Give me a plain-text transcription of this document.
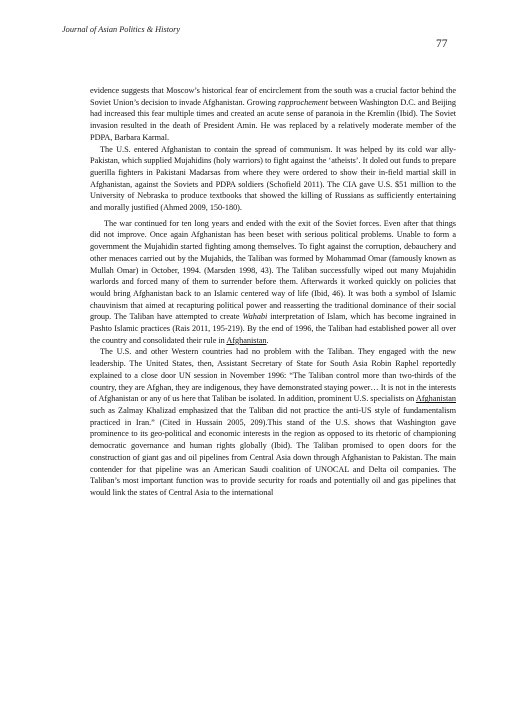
Journal of Asian Politics & History
77

evidence suggests that Moscow’s historical fear of encirclement from the south was a crucial factor behind the Soviet Union’s decision to invade Afghanistan. Growing rapprochement between Washington D.C. and Beijing had increased this fear multiple times and created an acute sense of paranoia in the Kremlin (Ibid). The Soviet invasion resulted in the death of President Amin. He was replaced by a relatively moderate member of the PDPA, Barbara Karmal.

The U.S. entered Afghanistan to contain the spread of communism. It was helped by its cold war ally-Pakistan, which supplied Mujahidins (holy warriors) to fight against the ‘atheists’. It doled out funds to prepare guerilla fighters in Pakistani Madarsas from where they were ordered to show their in-field martial skill in Afghanistan, against the Soviets and PDPA soldiers (Schofield 2011). The CIA gave U.S. $51 million to the University of Nebraska to produce textbooks that showed the killing of Russians as sufficiently entertaining and morally justified (Ahmed 2009, 150-180).

The war continued for ten long years and ended with the exit of the Soviet forces. Even after that things did not improve. Once again Afghanistan has been beset with serious political problems. Unable to form a government the Mujahidin started fighting among themselves. To fight against the corruption, debauchery and other menaces carried out by the Mujahids, the Taliban was formed by Mohammad Omar (famously known as Mullah Omar) in October, 1994. (Marsden 1998, 43). The Taliban successfully wiped out many Mujahidin warlords and forced many of them to surrender before them. Afterwards it worked quickly on policies that would bring Afghanistan back to an Islamic centered way of life (Ibid, 46). It was both a symbol of Islamic chauvinism that aimed at recapturing political power and reasserting the traditional dominance of their social group. The Taliban have attempted to create Wahabi interpretation of Islam, which has become ingrained in Pashto Islamic practices (Rais 2011, 195-219). By the end of 1996, the Taliban had established power all over the country and consolidated their rule in Afghanistan.

The U.S. and other Western countries had no problem with the Taliban. They engaged with the new leadership. The United States, then, Assistant Secretary of State for South Asia Robin Raphel reportedly explained to a close door UN session in November 1996: “The Taliban control more than two-thirds of the country, they are Afghan, they are indigenous, they have demonstrated staying power… It is not in the interests of Afghanistan or any of us here that Taliban be isolated. In addition, prominent U.S. specialists on Afghanistan such as Zalmay Khalizad emphasized that the Taliban did not practice the anti-US style of fundamentalism practiced in Iran.” (Cited in Hussain 2005, 209).This stand of the U.S. shows that Washington gave prominence to its geo-political and economic interests in the region as opposed to its rhetoric of championing democratic governance and human rights globally (Ibid). The Taliban promised to open doors for the construction of giant gas and oil pipelines from Central Asia down through Afghanistan to Pakistan. The main contender for that pipeline was an American Saudi coalition of UNOCAL and Delta oil companies. The Taliban’s most important function was to provide security for roads and potentially oil and gas pipelines that would link the states of Central Asia to the international
